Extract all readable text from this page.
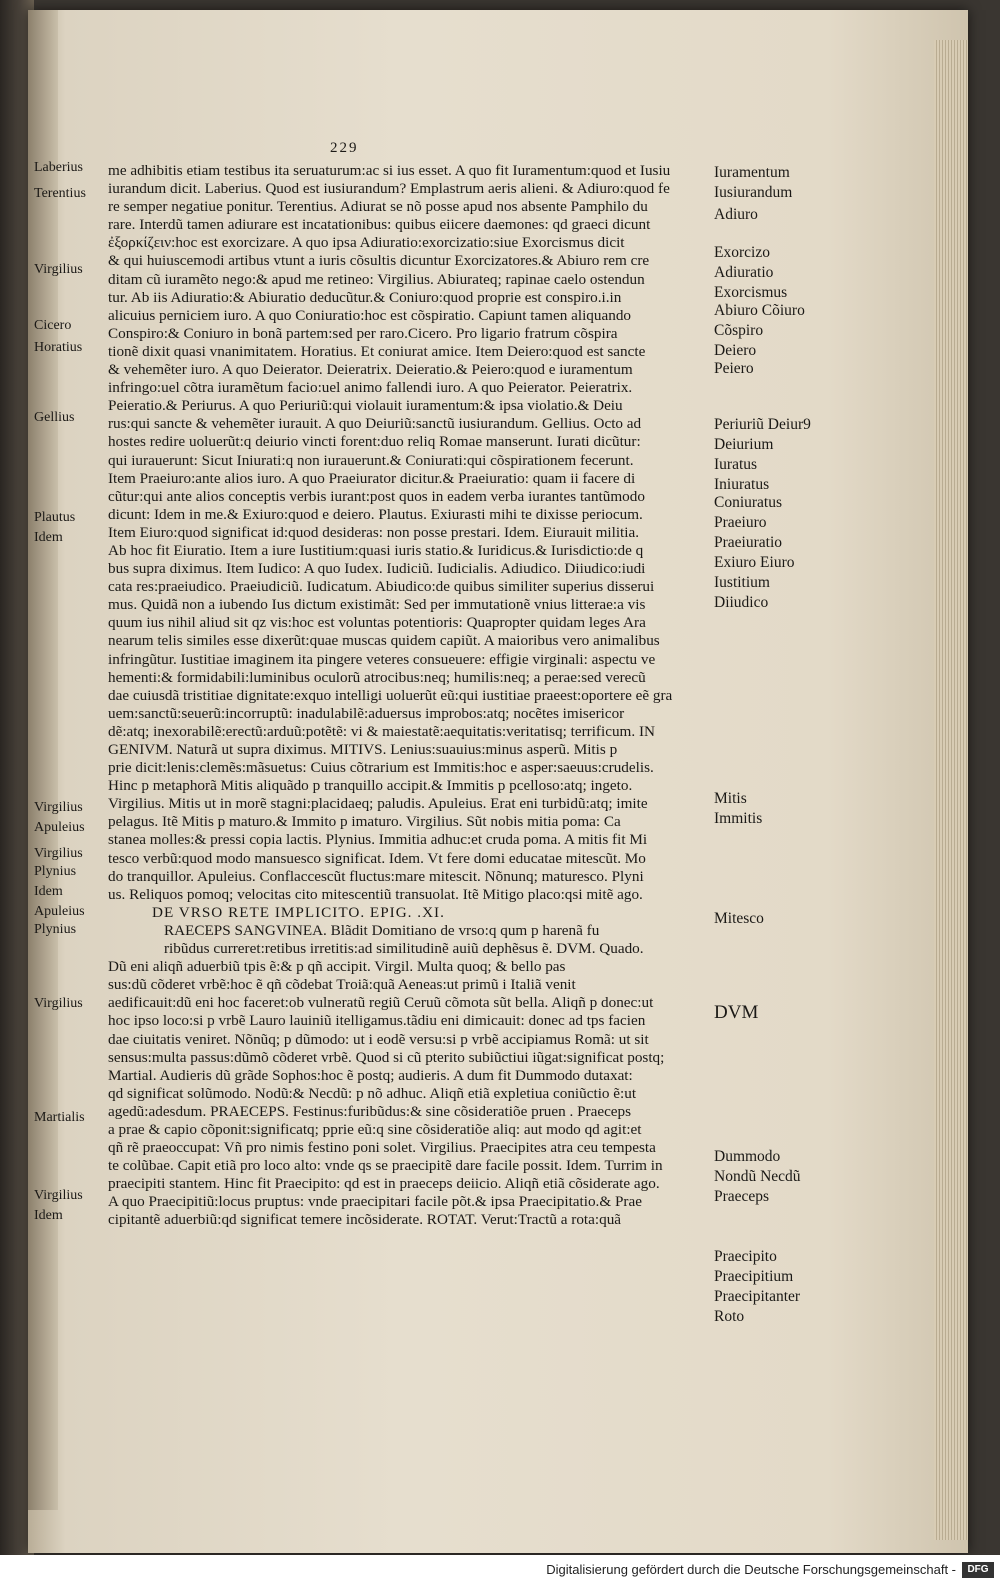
229
me adhibitis etiam testibus ita seruaturum:ac si ius esset. A quo fit Iuramentum:quod et Iusiu
iurandum dicit. Laberius. Quod est iusiurandum? Emplastrum aeris alieni. & Adiuro:quod fe
re semper negatiue ponitur. Terentius. Adiurat se nõ posse apud nos absente Pamphilo du
rare. Interdũ tamen adiurare est incatationibus: quibus eiicere daemones: qd graeci dicunt
ἐξορκίζειν:hoc est exorcizare. A quo ipsa Adiuratio:exorcizatio:siue Exorcismus dicit
& qui huiuscemodi artibus vtunt a iuris cõsultis dicuntur Exorcizatores.& Abiuro rem cre
ditam cũ iuramẽto nego:& apud me retineo: Virgilius. Abiurateq; rapinae caelo ostendun
tur. Ab iis Adiuratio:& Abiuratio deducũtur.& Coniuro:quod proprie est conspiro.i.in
alicuius perniciem iuro. A quo Coniuratio:hoc est cõspiratio. Capiunt tamen aliquando
Conspiro:& Coniuro in bonã partem:sed per raro.Cicero. Pro ligario fratrum cõspira
tionẽ dixit quasi vnanimitatem. Horatius. Et coniurat amice. Item Deiero:quod est sancte
& vehemẽter iuro. A quo Deierator. Deieratrix. Deieratio.& Peiero:quod e iuramentum
infringo:uel cõtra iuramẽtum facio:uel animo fallendi iuro. A quo Peierator. Peieratrix.
Peieratio.& Periurus. A quo Periuriũ:qui violauit iuramentum:& ipsa violatio.& Deiu
rus:qui sancte & vehemẽter iurauit. A quo Deiuriũ:sanctũ iusiurandum. Gellius. Octo ad
hostes redire uoluerũt:q deiurio vincti forent:duo reliq Romae manserunt. Iurati dicũtur:
qui iurauerunt: Sicut Iniurati:q non iurauerunt.& Coniurati:qui cõspirationem fecerunt.
Item Praeiuro:ante alios iuro. A quo Praeiurator dicitur.& Praeiuratio: quam ii facere di
cũtur:qui ante alios conceptis verbis iurant:post quos in eadem verba iurantes tantũmodo
dicunt: Idem in me.& Exiuro:quod e deiero. Plautus. Exiurasti mihi te dixisse periocum.
Item Eiuro:quod significat id:quod desideras: non posse prestari. Idem. Eiurauit militia.
Ab hoc fit Eiuratio. Item a iure Iustitium:quasi iuris statio.& Iuridicus.& Iurisdictio:de q
bus supra diximus. Item Iudico: A quo Iudex. Iudiciũ. Iudicialis. Adiudico. Diiudico:iudi
cata res:praeiudico. Praeiudiciũ. Iudicatum. Abiudico:de quibus similiter superius disserui
mus. Quidã non a iubendo Ius dictum existimãt: Sed per immutationẽ vnius litterae:a vis
quum ius nihil aliud sit qz vis:hoc est voluntas potentioris: Quapropter quidam leges Ara
nearum telis similes esse dixerũt:quae muscas quidem capiũt. A maioribus vero animalibus
infringũtur. Iustitiae imaginem ita pingere veteres consueuere: effigie virginali: aspectu ve
hementi:& formidabili:luminibus oculorũ atrocibus:neq; humilis:neq; a perae:sed verecũ
dae cuiusdã tristitiae dignitate:exquo intelligi uoluerũt eũ:qui iustitiae praeest:oportere eẽ gra
uem:sanctũ:seuerũ:incorruptũ: inadulabilẽ:aduersus improbos:atq; nocẽtes imisericor
dẽ:atq; inexorabilẽ:erectũ:arduũ:potẽtẽ: vi & maiestatẽ:aequitatis:veritatisq; terrificum. IN
GENIVM. Naturã ut supra diximus. MITIVS. Lenius:suauius:minus asperũ. Mitis p
prie dicit:lenis:clemẽs:mãsuetus: Cuius cõtrarium est Immitis:hoc e asper:saeuus:crudelis.
Hinc p metaphorã Mitis aliquãdo p tranquillo accipit.& Immitis p pcelloso:atq; ingeto.
Virgilius. Mitis ut in morẽ stagni:placidaeq; paludis. Apuleius. Erat eni turbidũ:atq; imite
pelagus. Itẽ Mitis p maturo.& Immito p imaturo. Virgilius. Sũt nobis mitia poma: Ca
stanea molles:& pressi copia lactis. Plynius. Immitia adhuc:et cruda poma. A mitis fit Mi
tesco verbũ:quod modo mansuesco significat. Idem. Vt fere domi educatae mitescũt. Mo
do tranquillor. Apuleius. Conflaccescũt fluctus:mare mitescit. Nõnunq; maturesco. Plyni
us. Reliquos pomoq; velocitas cito mitescentiũ transuolat. Itẽ Mitigo placo:qsi mitẽ ago.
DE VRSO RETE IMPLICITO. EPIG. .XI.
RAECEPS SANGVINEA. Blãdit Domitiano de vrso:q qum p harenã fu
ribũdus curreret:retibus irretitis:ad similitudinẽ auiũ dephẽsus ẽ. DVM. Quado.
Dũ eni aliqñ aduerbiũ tpis ẽ:& p qñ accipit. Virgil. Multa quoq; & bello pas
sus:dũ cõderet vrbẽ:hoc ẽ qñ cõdebat Troiã:quã Aeneas:ut primũ i Italiã venit
aedificauit:dũ eni hoc faceret:ob vulneratũ regiũ Ceruũ cõmota sũt bella. Aliqñ p donec:ut
hoc ipso loco:si p vrbẽ Lauro lauiniũ itelligamus.tãdiu eni dimicauit: donec ad tps facien
dae ciuitatis veniret. Nõnũq; p dũmodo: ut i eodẽ versu:si p vrbẽ accipiamus Romã: ut sit
sensus:multa passus:dũmõ cõderet vrbẽ. Quod si cũ pterito subiũctiui iũgat:significat postq;
Martial. Audieris dũ grãde Sophos:hoc ẽ postq; audieris. A dum fit Dummodo dutaxat:
qd significat solũmodo. Nodũ:& Necdũ: p nõ adhuc. Aliqñ etiã expletiua coniũctio ẽ:ut
agedũ:adesdum. PRAECEPS. Festinus:furibũdus:& sine cõsideratiõe pruen . Praeceps
a prae & capio cõponit:significatq; pprie eũ:q sine cõsideratiõe aliq: aut modo qd agit:et
qñ rẽ praeoccupat: Vñ pro nimis festino poni solet. Virgilius. Praecipites atra ceu tempesta
te colũbae. Capit etiã pro loco alto: vnde qs se praecipitẽ dare facile possit. Idem. Turrim in
praecipiti stantem. Hinc fit Praecipito: qd est in praeceps deiicio. Aliqñ etiã cõsiderate ago.
A quo Praecipitiũ:locus pruptus: vnde praecipitari facile põt.& ipsa Praecipitatio.& Prae
cipitantẽ aduerbiũ:qd significat temere incõsiderate. ROTAT. Verut:Tractũ a rota:quã
Laberius
Terentius
Virgilius
Cicero
Horatius
Gellius
Plautus
Idem
Virgilius
Apuleius
Virgilius
Plynius
Idem
Apuleius
Plynius
Virgilius
Martialis
Virgilius
Idem
Iuramentum
Iusiurandum
Adiuro
Exorcizo
Adiuratio
Exorcismus
Abiuro Cõiuro
Cõspiro
Deiero
Peiero
Periuriũ Deiur9
Deiurium
Iuratus
Iniuratus
Coniuratus
Praeiuro
Praeiuratio
Exiuro Eiuro
Iustitium
Diiudico
Mitis
Immitis
Mitesco
DVM
Dummodo
Nondũ Necdũ
Praeceps
Praecipito
Praecipitium
Praecipitanter
Roto
Digitalisierung gefördert durch die Deutsche Forschungsgemeinschaft -	DFG
